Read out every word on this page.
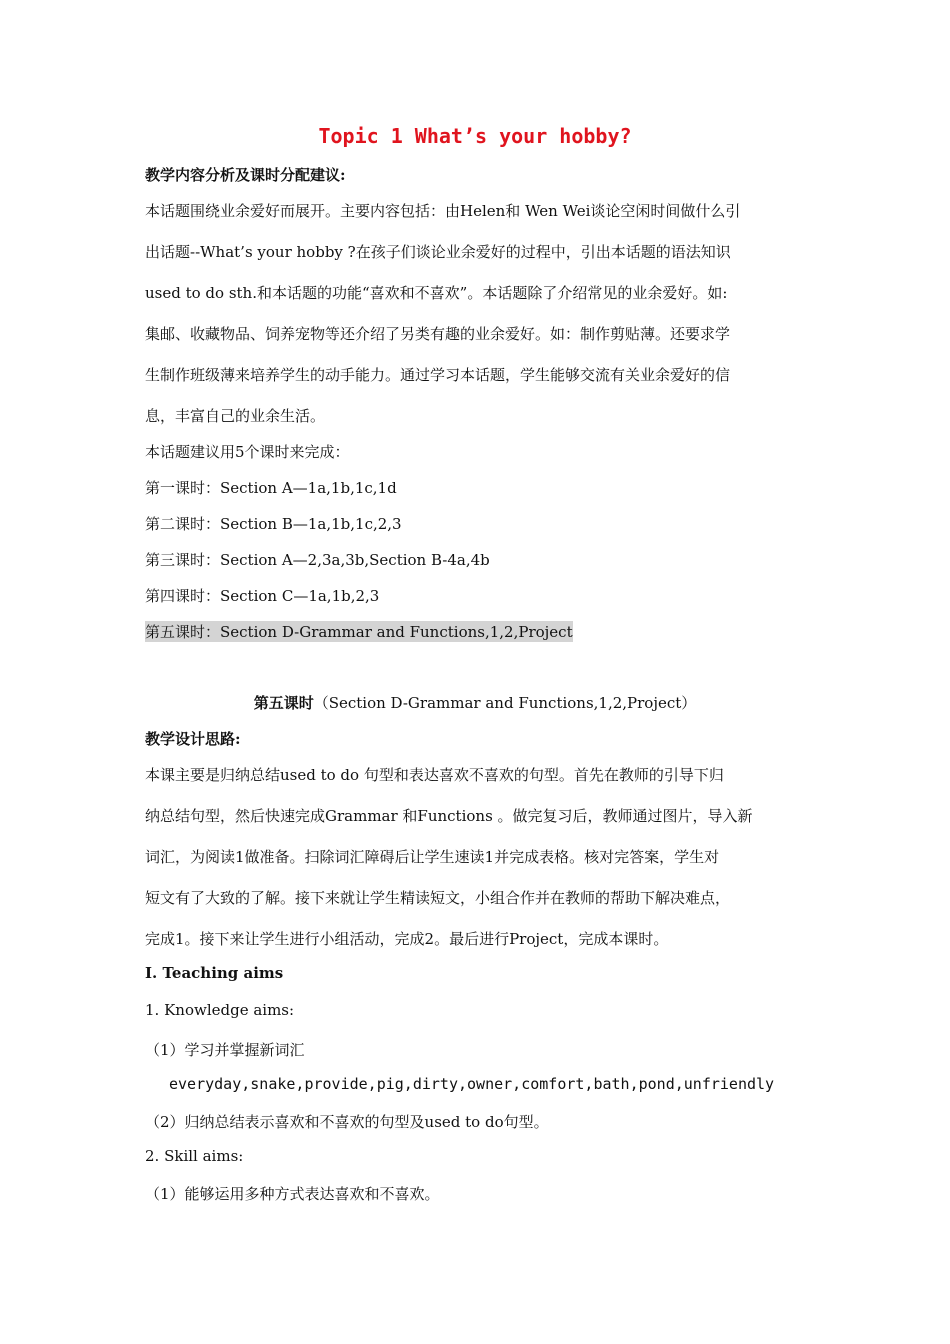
Topic 1 What’s your hobby?
教学内容分析及课时分配建议:
本话题围绕业余爱好而展开。主要内容包括：由Helen和 Wen Wei谈论空闲时间做什么引
出话题--What’s your hobby ?在孩子们谈论业余爱好的过程中，引出本话题的语法知识
used to do sth.和本话题的功能“喜欢和不喜欢”。本话题除了介绍常见的业余爱好。如:
集邮、收藏物品、饲养宠物等还介绍了另类有趣的业余爱好。如：制作剪贴薄。还要求学
生制作班级薄来培养学生的动手能力。通过学习本话题，学生能够交流有关业余爱好的信
息，丰富自己的业余生活。
本话题建议用5个课时来完成：
第一课时：Section A—1a,1b,1c,1d
第二课时：Section B—1a,1b,1c,2,3
第三课时：Section A—2,3a,3b,Section B-4a,4b
第四课时：Section C—1a,1b,2,3
第五课时：Section D-Grammar and Functions,1,2,Project
第五课时（Section D-Grammar and Functions,1,2,Project）
教学设计思路:
本课主要是归纳总结used to do 句型和表达喜欢不喜欢的句型。首先在教师的引导下归
纳总结句型，然后快速完成Grammar 和Functions 。做完复习后，教师通过图片，导入新
词汇，为阅读1做准备。扫除词汇障碍后让学生速读1并完成表格。核对完答案，学生对
短文有了大致的了解。接下来就让学生精读短文，小组合作并在教师的帮助下解决难点，
完成1。接下来让学生进行小组活动，完成2。最后进行Project，完成本课时。
Ⅰ. Teaching aims
1. Knowledge aims:
（1）学习并掌握新词汇
everyday,snake,provide,pig,dirty,owner,comfort,bath,pond,unfriendly
（2）归纳总结表示喜欢和不喜欢的句型及used to do句型。
2. Skill aims:
（1）能够运用多种方式表达喜欢和不喜欢。
